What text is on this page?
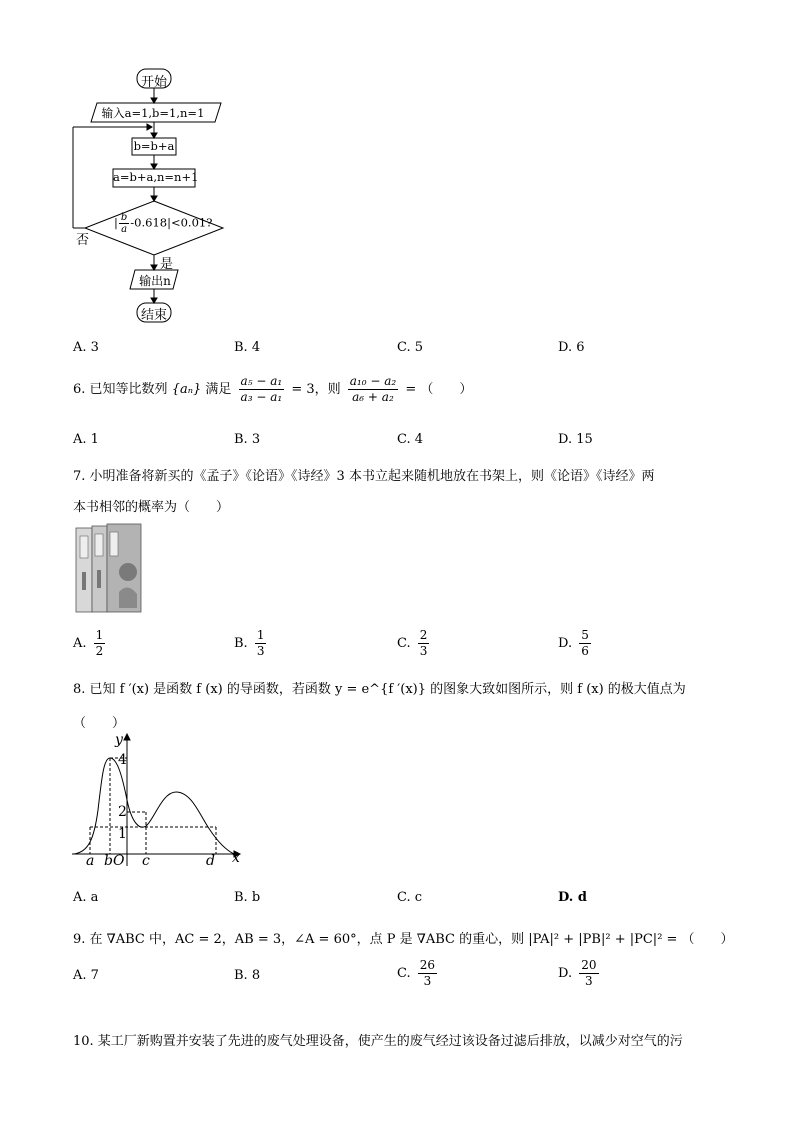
开始
输入a=1,b=1,n=1
b=b+a
a=b+a,n=n+1
| $\frac{b}{a} -0.618|<0.01$?
否
是
输出n
结束
A. 3	B. 4	C. 5	D. 6
6. 已知等比数列 {aₙ} 满足 $\frac{\text{a₅ − a₁}}{\text{a₃ − a₁}} = 3$，则 $\frac{\text{a₁₀ − a₂}}{\text{a₆ + a₂}}$ = （　　）
A. 1	B. 3	C. 4	D. 15
7. 小明准备将新买的《孟子》《论语》《诗经》3 本书立起来随机地放在书架上，则《论语》《诗经》两
本书相邻的概率为（　　）
A. $\frac{1}{2}$	B. $\frac{1}{3}$	C. $\frac{2}{3}$	D. $\frac{5}{6}$
8. 已知 f ′(x) 是函数 f (x) 的导函数，若函数 y = e^{f ′(x)} 的图象大致如图所示，则 f (x) 的极大值点为
（　　）
y
4
2
1
a bO c	d x
A. a	B. b	C. c	D. d
9. 在 ∇ABC 中，AC = 2，AB = 3，∠A = 60°，点 P 是 ∇ABC 的重心，则 |PA|² + |PB|² + |PC|² = （　　）
A. 7	B. 8	C. $\frac{26}{3}$	D. $\frac{20}{3}$
10. 某工厂新购置并安装了先进的废气处理设备，使产生的废气经过该设备过滤后排放，以减少对空气的污
